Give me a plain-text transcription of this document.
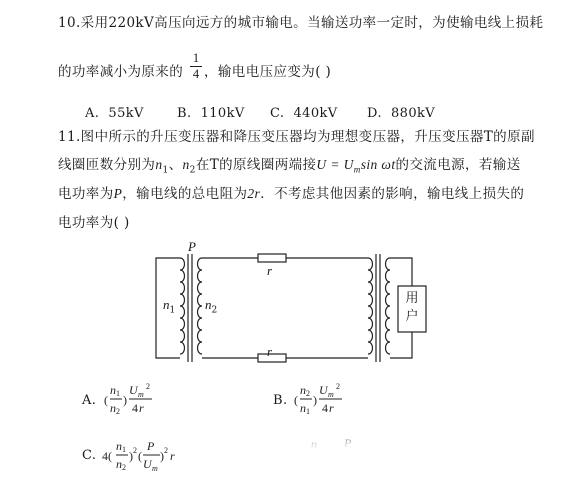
10.采用220kV高压向远方的城市输电。当输送功率一定时，为使输电线上损耗
的功率减小为原来的
1
4 ，输电电压应变为( )
A. 55kV	B. 110kV C. 440kV D. 880kV
11.图中所示的升压变压器和降压变压器均为理想变压器，升压变压器T的原副
线圈匝数分别为$n_1$、$n_2$在T的原线圈两端接$U = U_m\sin$ ωt的交流电源，若输送
电功率为P，输电线的总电阻为2r．不考虑其他因素的影响，输电线上损失的
电功率为( )
P
r
r
$n_1$ $n_2$
用户
A. (
n 1
n 2
)
U m
2
4 r	B. (
n 2
n 1
)
U m
2
4 r
C. 4(
n 1
n 2
) 2 (
P
U m
) 2 r
